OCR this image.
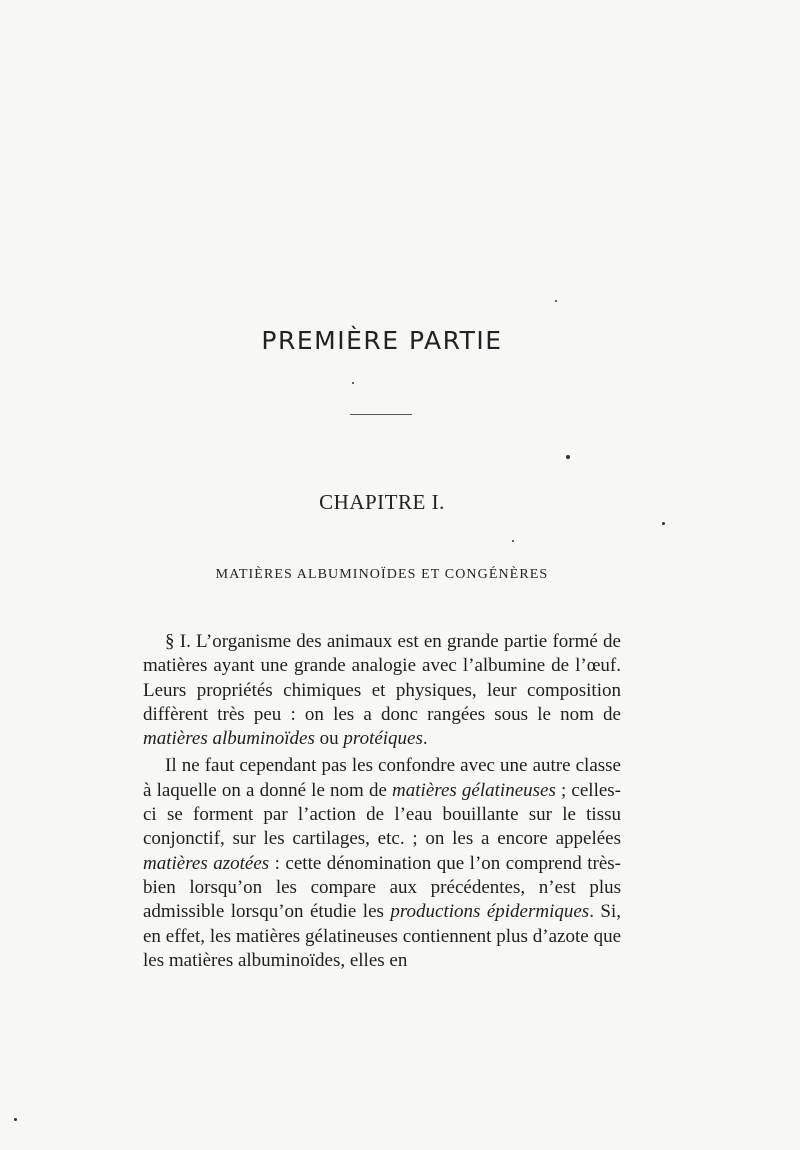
PREMIÈRE PARTIE
CHAPITRE I.
MATIÈRES ALBUMINOÏDES ET CONGÉNÈRES

§ I. L’organisme des animaux est en grande partie formé de matières ayant une grande analogie avec l’albumine de l’œuf. Leurs propriétés chimiques et physiques, leur composition diffèrent très peu : on les a donc rangées sous le nom de matières albuminoïdes ou protéiques.

Il ne faut cependant pas les confondre avec une autre classe à laquelle on a donné le nom de matières gélatineuses ; celles-ci se forment par l’action de l’eau bouillante sur le tissu conjonctif, sur les cartilages, etc. ; on les a encore appelées matières azotées : cette dénomination que l’on comprend très-bien lorsqu’on les compare aux précédentes, n’est plus admissible lorsqu’on étudie les productions épidermiques. Si, en effet, les matières gélatineuses contiennent plus d’azote que les matières albuminoïdes, elles en
